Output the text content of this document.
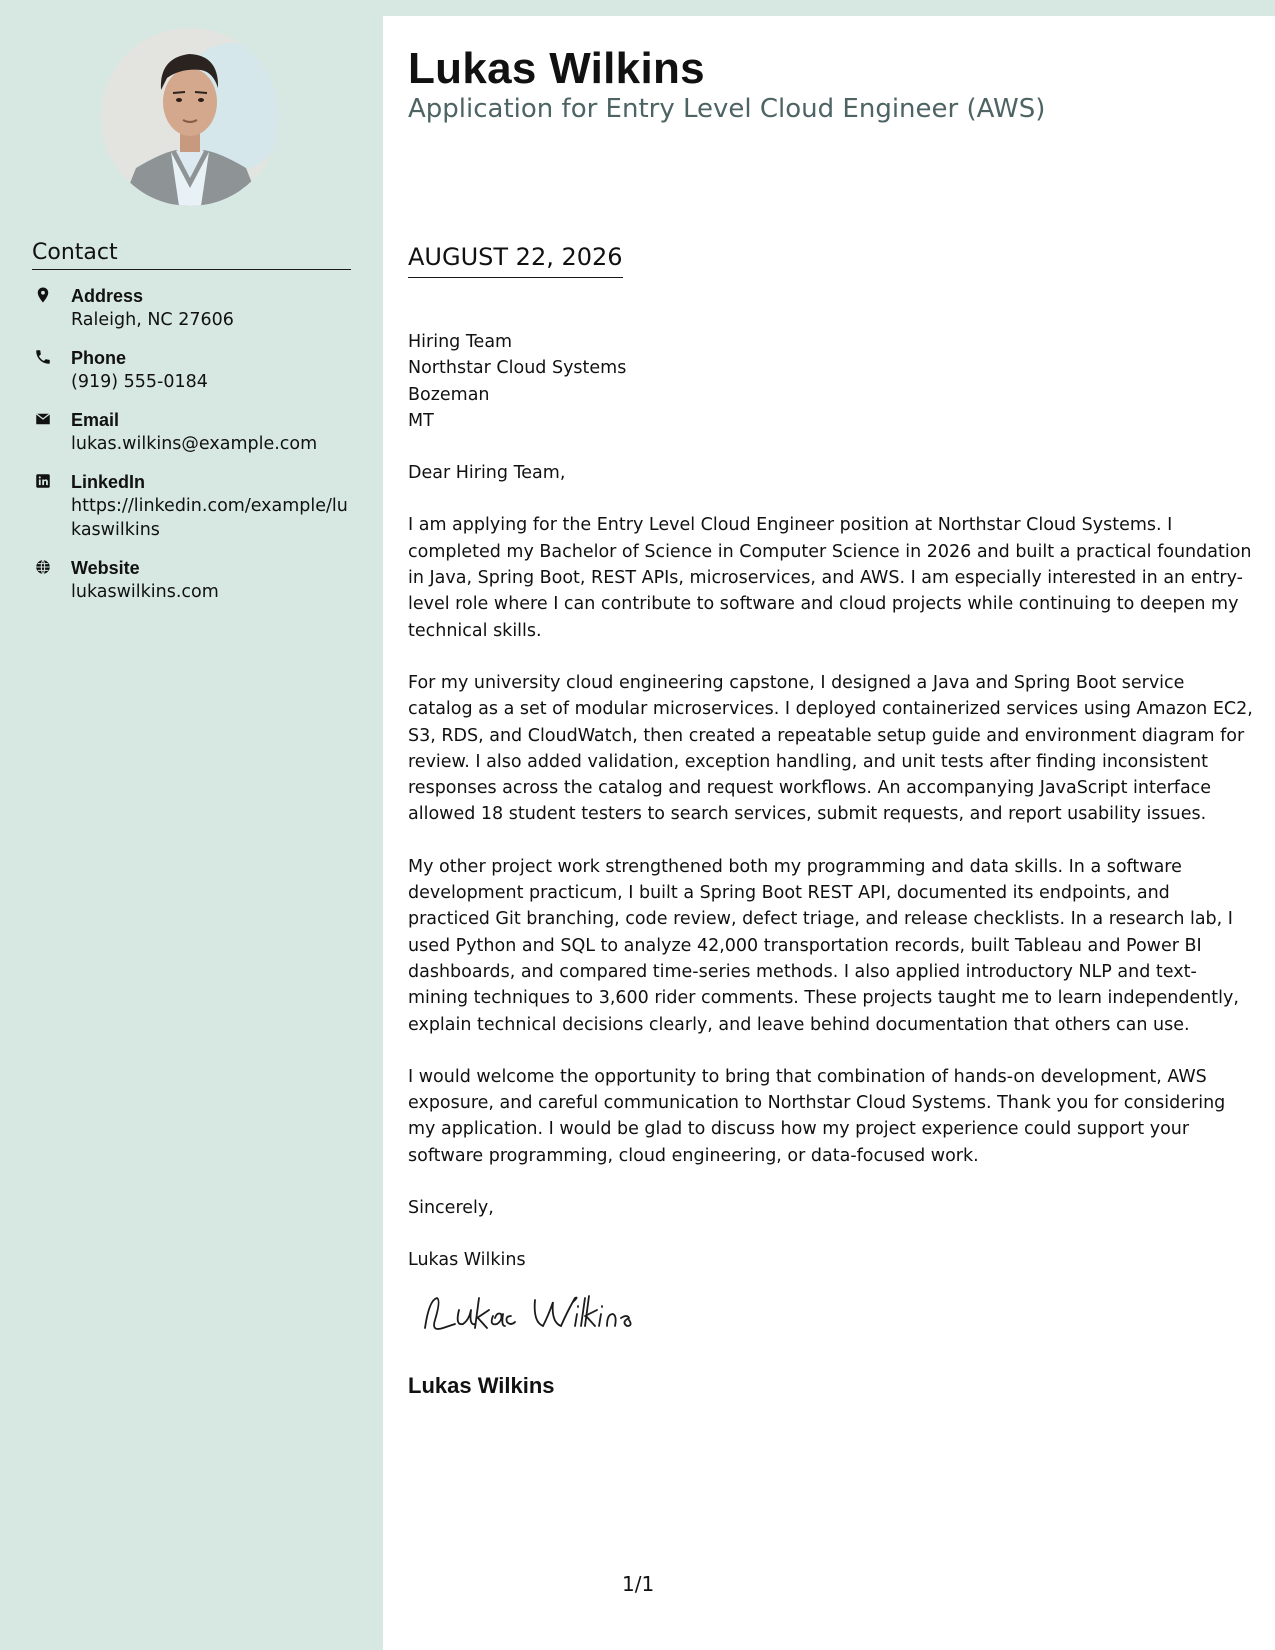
Contact
Address
Raleigh, NC 27606
Phone
(919) 555-0184
Email
lukas.wilkins@example.com
LinkedIn
https://linkedin.com/example/lukaswilkins
Website
lukaswilkins.com
Lukas Wilkins
Application for Entry Level Cloud Engineer (AWS)
AUGUST 22, 2026

Hiring Team
Northstar Cloud Systems
Bozeman
MT

Dear Hiring Team,

I am applying for the Entry Level Cloud Engineer position at Northstar Cloud Systems. I completed my Bachelor of Science in Computer Science in 2026 and built a practical foundation in Java, Spring Boot, REST APIs, microservices, and AWS. I am especially interested in an entry-level role where I can contribute to software and cloud projects while continuing to deepen my technical skills.

For my university cloud engineering capstone, I designed a Java and Spring Boot service catalog as a set of modular microservices. I deployed containerized services using Amazon EC2, S3, RDS, and CloudWatch, then created a repeatable setup guide and environment diagram for review. I also added validation, exception handling, and unit tests after finding inconsistent responses across the catalog and request workflows. An accompanying JavaScript interface allowed 18 student testers to search services, submit requests, and report usability issues.

My other project work strengthened both my programming and data skills. In a software development practicum, I built a Spring Boot REST API, documented its endpoints, and practiced Git branching, code review, defect triage, and release checklists. In a research lab, I used Python and SQL to analyze 42,000 transportation records, built Tableau and Power BI dashboards, and compared time-series methods. I also applied introductory NLP and text-mining techniques to 3,600 rider comments. These projects taught me to learn independently, explain technical decisions clearly, and leave behind documentation that others can use.

I would welcome the opportunity to bring that combination of hands-on development, AWS exposure, and careful communication to Northstar Cloud Systems. Thank you for considering my application. I would be glad to discuss how my project experience could support your software programming, cloud engineering, or data-focused work.

Sincerely,

Lukas Wilkins

Lukas Wilkins
1/1
